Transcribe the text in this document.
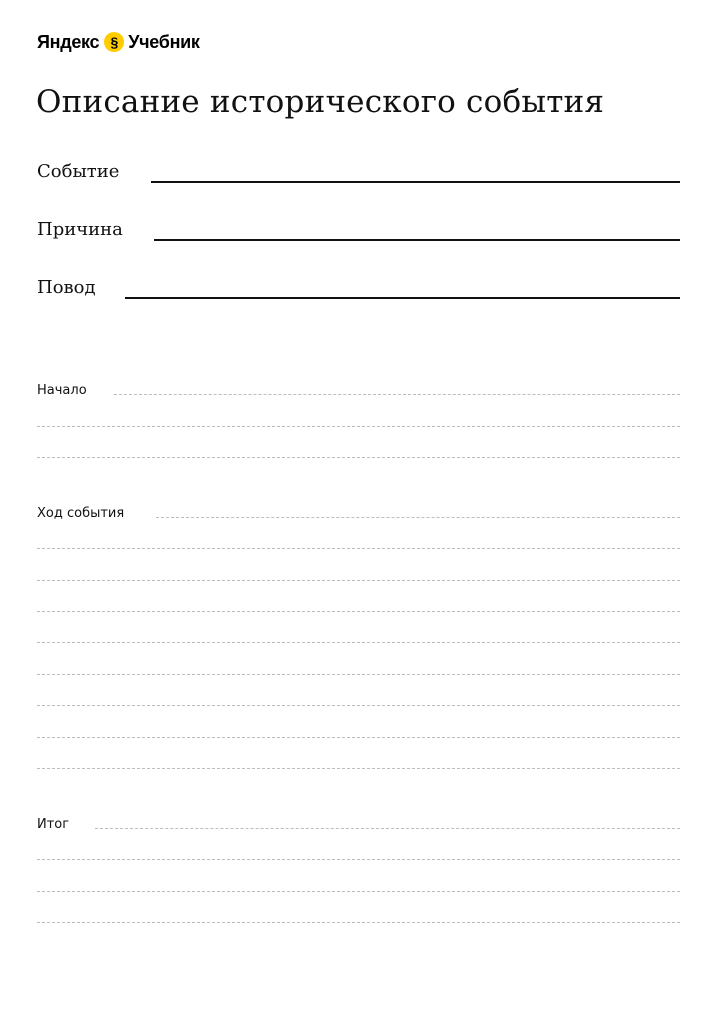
Яндекс § Учебник
Описание исторического события
Событие
Причина
Повод
Начало
Ход события
Итог
